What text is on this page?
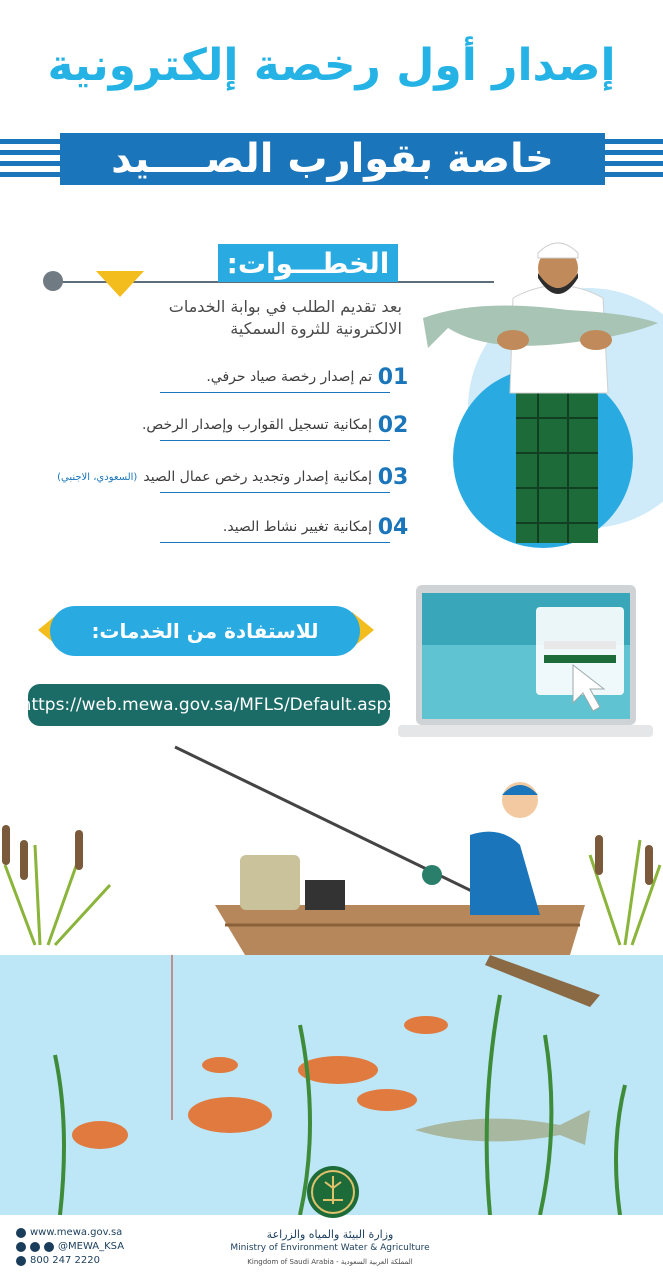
إصدار أول رخصة إلكترونية
خاصة بقوارب الصــــيد
الخطـــوات:
بعد تقديم الطلب في بوابة الخدمات الالكترونية للثروة السمكية
01
تم إصدار رخصة صياد حرفي.
02
إمكانية تسجيل القوارب وإصدار الرخص.
03
إمكانية إصدار وتجديد رخص عمال الصيد
(السعودي، الاجنبي)
04
إمكانية تغيير نشاط الصيد.
للاستفادة من الخدمات:
https://web.mewa.gov.sa/MFLS/Default.aspx
www.mewa.gov.sa
@MEWA_KSA
800 247 2220
وزارة البيئة والمياه والزراعة
Ministry of Environment Water & Agriculture
Kingdom of Saudi Arabia - المملكة العربية السعودية
